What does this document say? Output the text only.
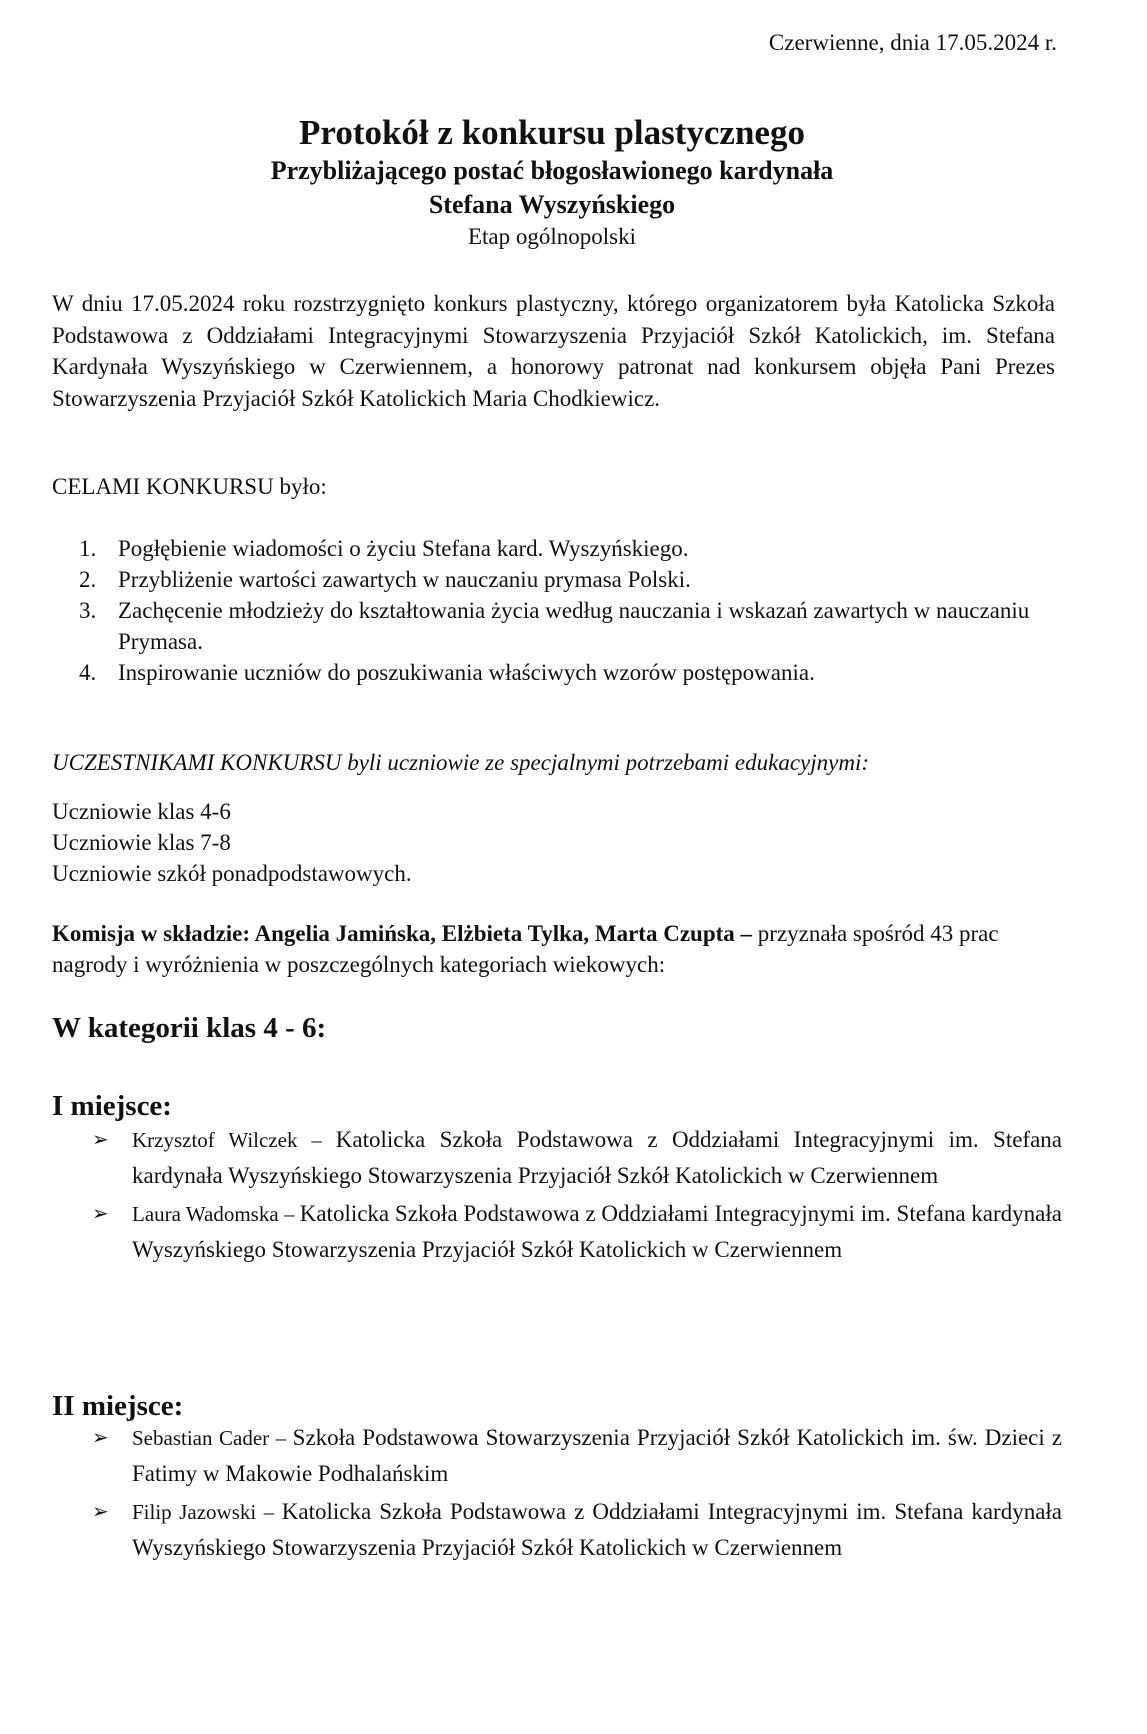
Czerwienne, dnia 17.05.2024 r.
Protokół z konkursu plastycznego
Przybliżającego postać błogosławionego kardynała
Stefana Wyszyńskiego
Etap ogólnopolski
W dniu 17.05.2024 roku rozstrzygnięto konkurs plastyczny, którego organizatorem była Katolicka Szkoła Podstawowa z Oddziałami Integracyjnymi Stowarzyszenia Przyjaciół Szkół Katolickich, im. Stefana Kardynała Wyszyńskiego w Czerwiennem, a honorowy patronat nad konkursem objęła Pani Prezes Stowarzyszenia Przyjaciół Szkół Katolickich Maria Chodkiewicz.
CELAMI KONKURSU było:
1. Pogłębienie wiadomości o życiu Stefana kard. Wyszyńskiego.
2. Przybliżenie wartości zawartych w nauczaniu prymasa Polski.
3. Zachęcenie młodzieży do kształtowania życia według nauczania i wskazań zawartych w nauczaniu Prymasa.
4. Inspirowanie uczniów do poszukiwania właściwych wzorów postępowania.
UCZESTNIKAMI KONKURSU byli uczniowie ze specjalnymi potrzebami edukacyjnymi:
Uczniowie klas 4-6
Uczniowie klas 7-8
Uczniowie szkół ponadpodstawowych.
Komisja w składzie: Angelia Jamińska, Elżbieta Tylka, Marta Czupta – przyznała spośród 43 prac nagrody i wyróżnienia w poszczególnych kategoriach wiekowych:
W kategorii klas 4 - 6:
I miejsce:
➢ Krzysztof Wilczek – Katolicka Szkoła Podstawowa z Oddziałami Integracyjnymi im. Stefana kardynała Wyszyńskiego Stowarzyszenia Przyjaciół Szkół Katolickich w Czerwiennem
➢ Laura Wadomska – Katolicka Szkoła Podstawowa z Oddziałami Integracyjnymi im. Stefana kardynała Wyszyńskiego Stowarzyszenia Przyjaciół Szkół Katolickich w Czerwiennem
II miejsce:
➢ Sebastian Cader – Szkoła Podstawowa Stowarzyszenia Przyjaciół Szkół Katolickich im. św. Dzieci z Fatimy w Makowie Podhalańskim
➢ Filip Jazowski – Katolicka Szkoła Podstawowa z Oddziałami Integracyjnymi im. Stefana kardynała Wyszyńskiego Stowarzyszenia Przyjaciół Szkół Katolickich w Czerwiennem
